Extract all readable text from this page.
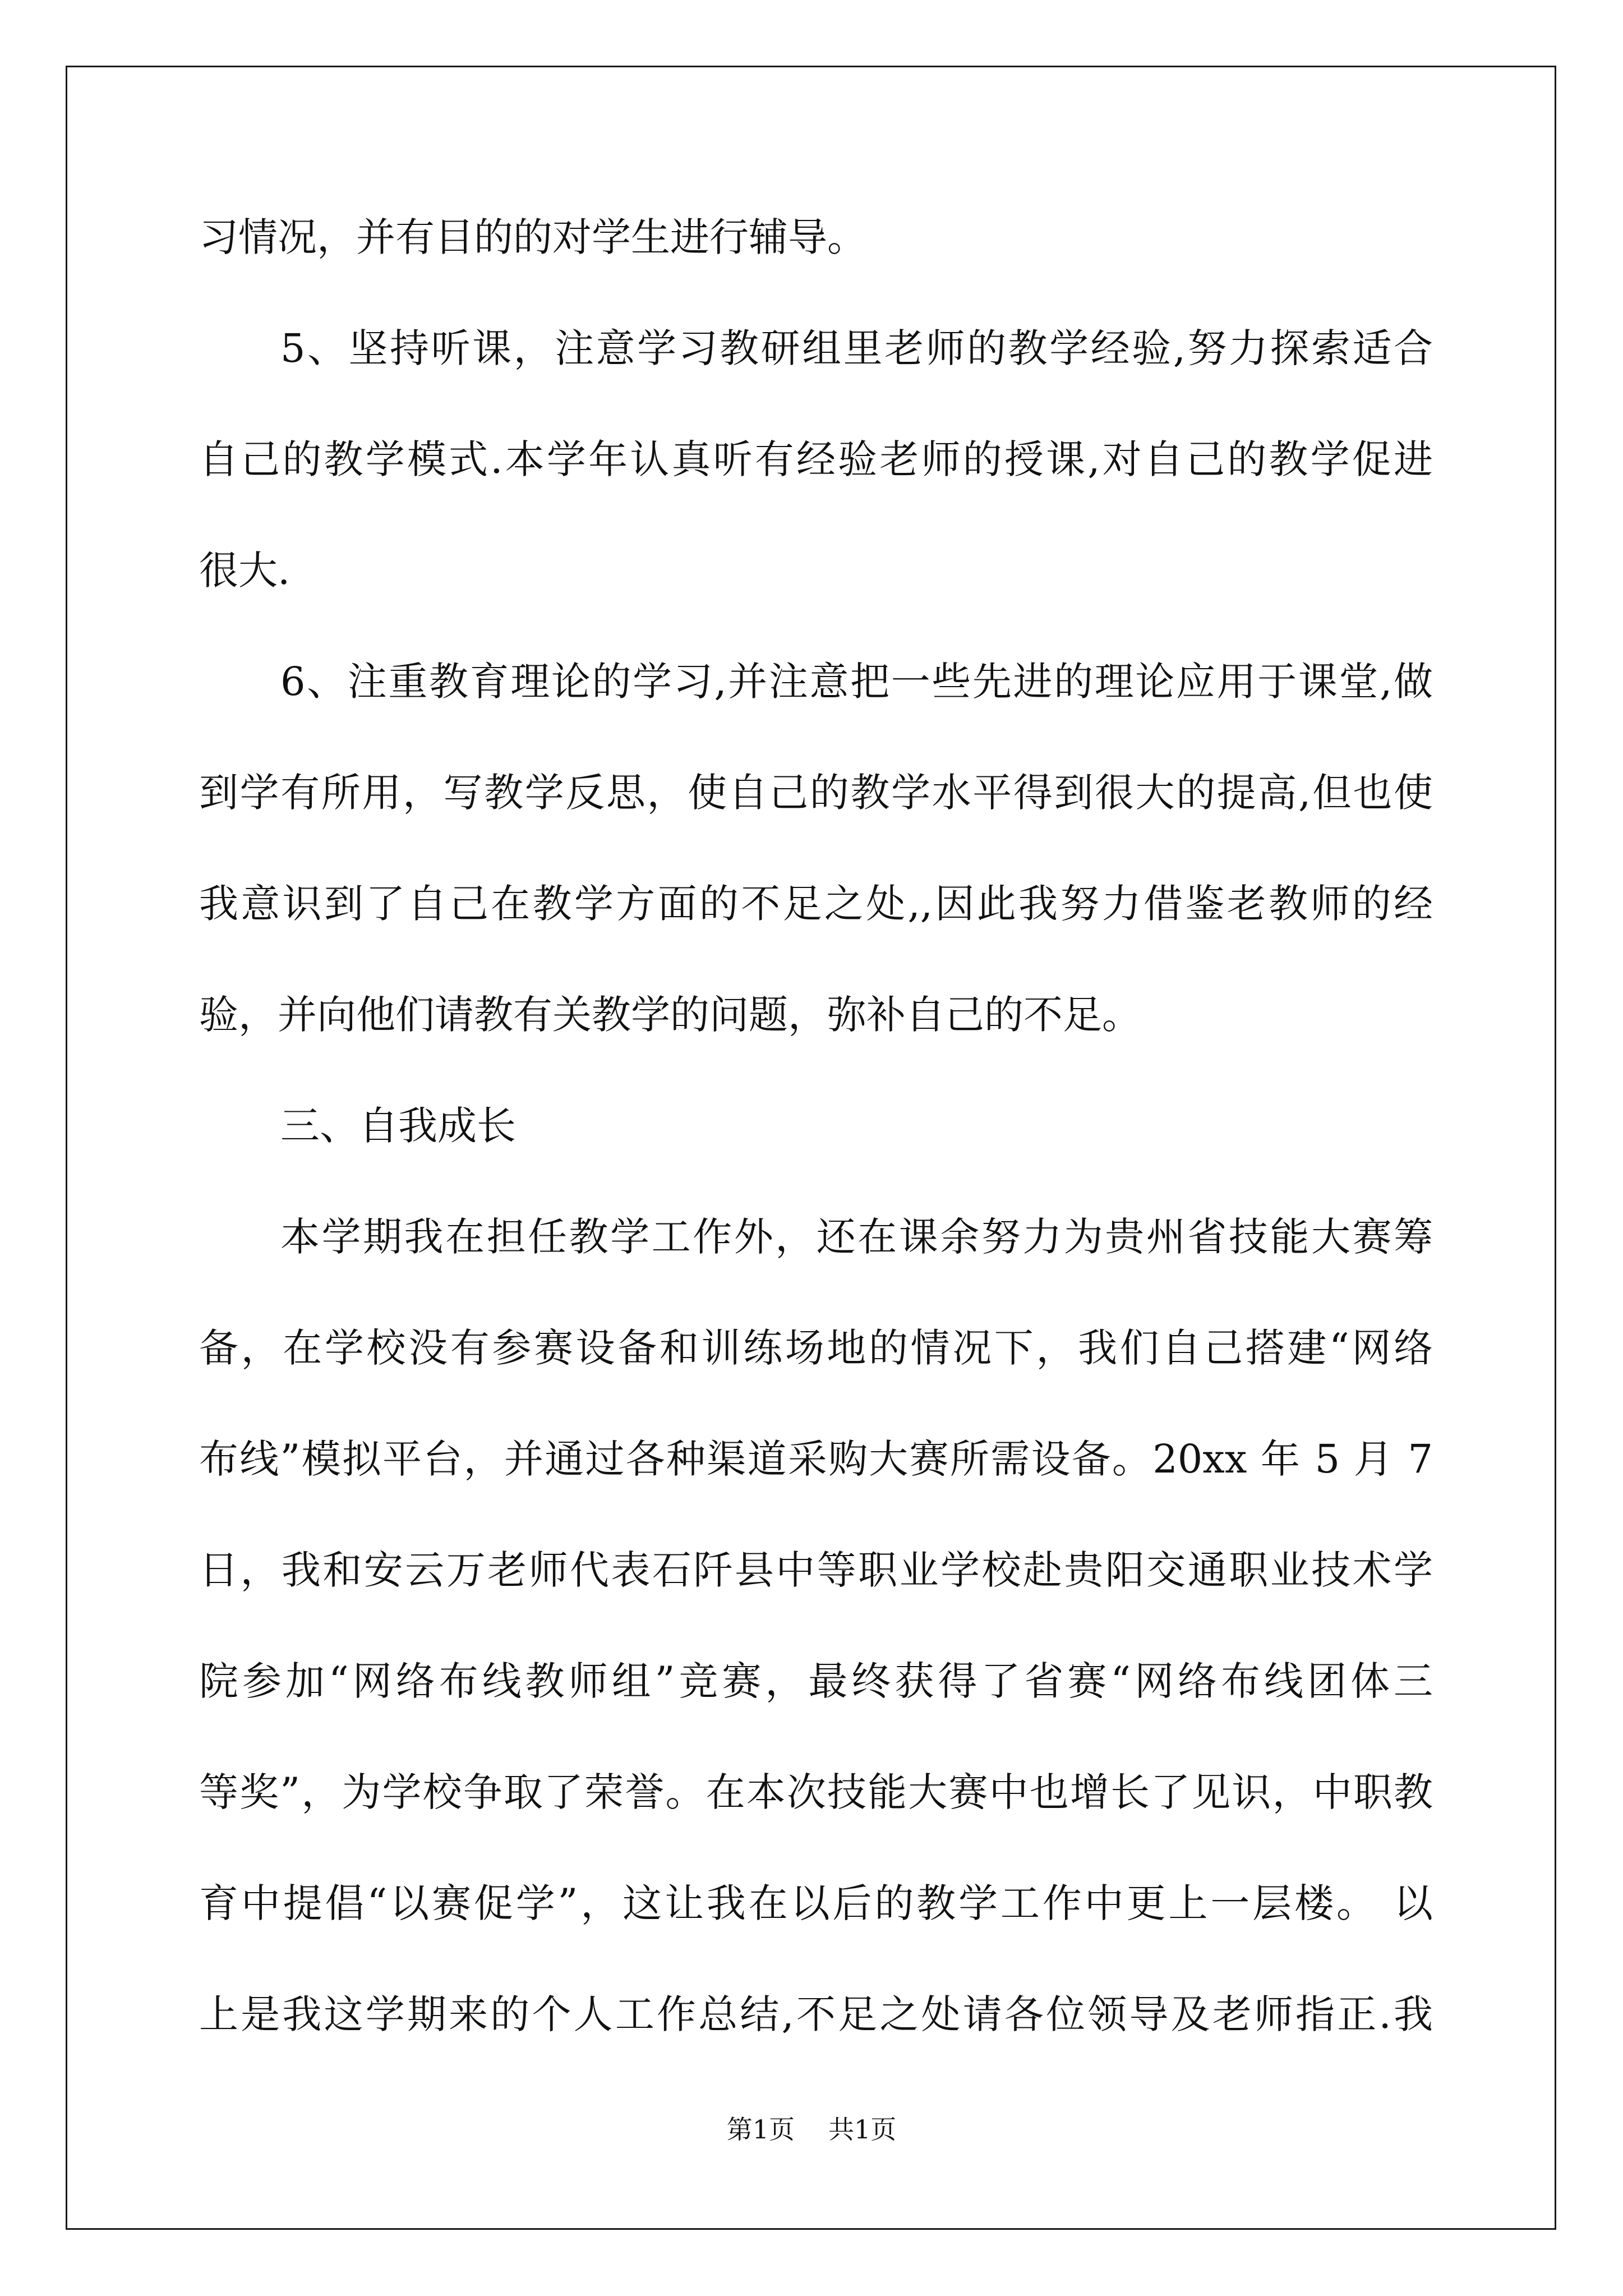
习情况，并有目的的对学生进行辅导。
5、坚持听课，注意学习教研组里老师的教学经验,努力探索适合
自己的教学模式.本学年认真听有经验老师的授课,对自己的教学促进
很大.
6、注重教育理论的学习,并注意把一些先进的理论应用于课堂,做
到学有所用，写教学反思，使自己的教学水平得到很大的提高,但也使
我意识到了自己在教学方面的不足之处,,因此我努力借鉴老教师的经
验，并向他们请教有关教学的问题，弥补自己的不足。
三、自我成长
本学期我在担任教学工作外，还在课余努力为贵州省技能大赛筹
备，在学校没有参赛设备和训练场地的情况下，我们自己搭建“网络
布线”模拟平台，并通过各种渠道采购大赛所需设备。20xx 年 5 月 7
日，我和安云万老师代表石阡县中等职业学校赴贵阳交通职业技术学
院参加“网络布线教师组”竞赛，最终获得了省赛“网络布线团体三
等奖”，为学校争取了荣誉。在本次技能大赛中也增长了见识，中职教
育中提倡“以赛促学”，这让我在以后的教学工作中更上一层楼。 以
上是我这学期来的个人工作总结,不足之处请各位领导及老师指正.我
第1页 共1页
